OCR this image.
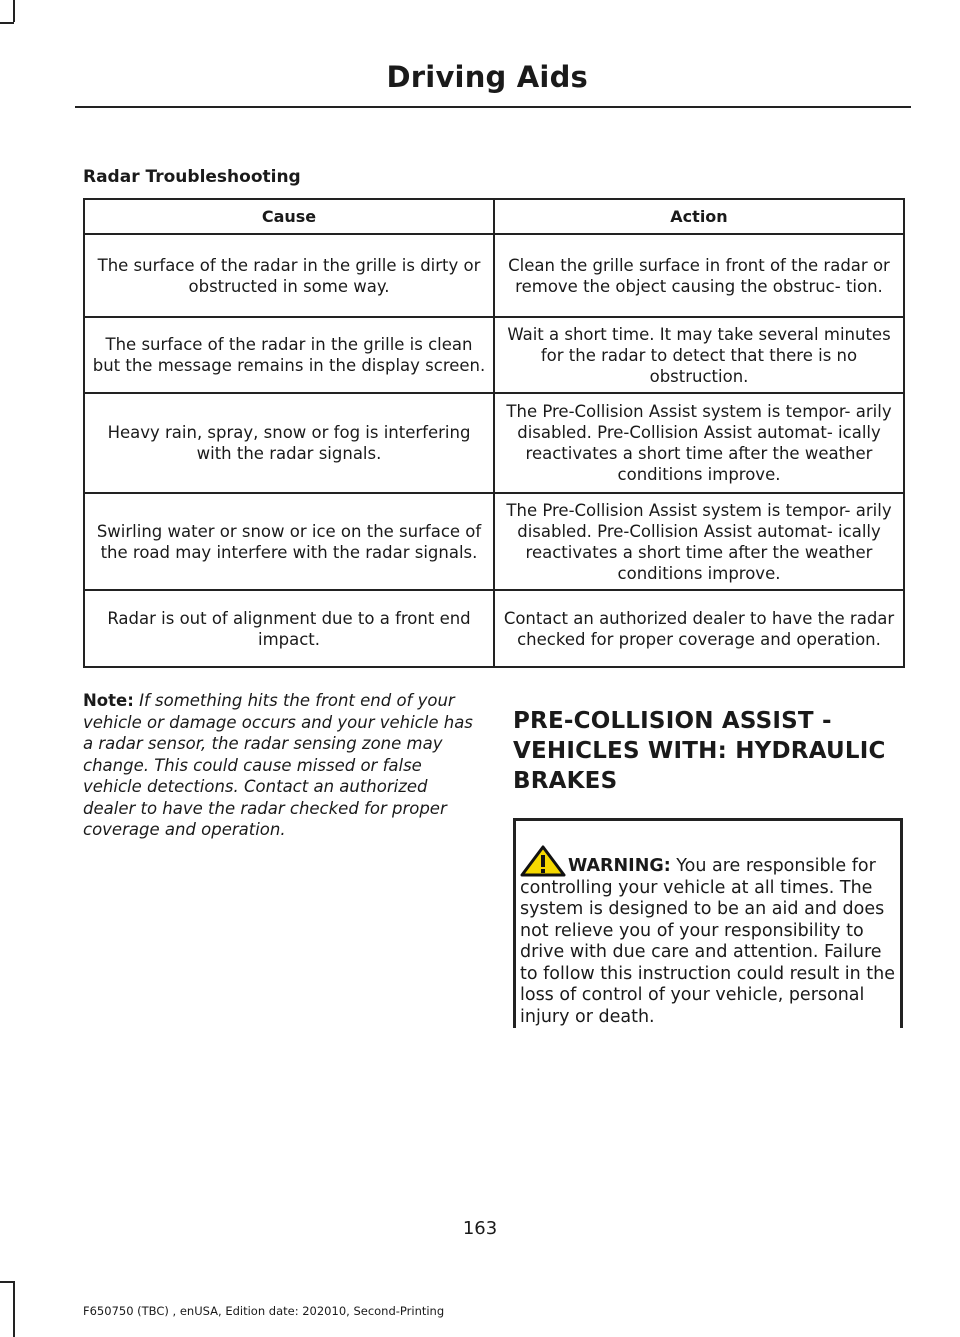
Driving Aids
Radar Troubleshooting
Cause	Action
The surface of the radar in the grille is dirty or obstructed in some way.	Clean the grille surface in front of the radar or remove the object causing the obstruc- tion.
The surface of the radar in the grille is clean but the message remains in the display screen.	Wait a short time. It may take several minutes for the radar to detect that there is no obstruction.
Heavy rain, spray, snow or fog is interfering with the radar signals.	The Pre-Collision Assist system is tempor- arily disabled. Pre-Collision Assist automat- ically reactivates a short time after the weather conditions improve.
Swirling water or snow or ice on the surface of the road may interfere with the radar signals.	The Pre-Collision Assist system is tempor- arily disabled. Pre-Collision Assist automat- ically reactivates a short time after the weather conditions improve.
Radar is out of alignment due to a front end impact.	Contact an authorized dealer to have the radar checked for proper coverage and operation.
Note: If something hits the front end of your vehicle or damage occurs and your vehicle has a radar sensor, the radar sensing zone may change. This could cause missed or false vehicle detections. Contact an authorized dealer to have the radar checked for proper coverage and operation.
PRE-COLLISION ASSIST -
VEHICLES WITH: HYDRAULIC
BRAKES
WARNING: You are responsible for controlling your vehicle at all times. The system is designed to be an aid and does not relieve you of your responsibility to drive with due care and attention. Failure to follow this instruction could result in the loss of control of your vehicle, personal injury or death.
163
F650750 (TBC) , enUSA, Edition date: 202010, Second-Printing
